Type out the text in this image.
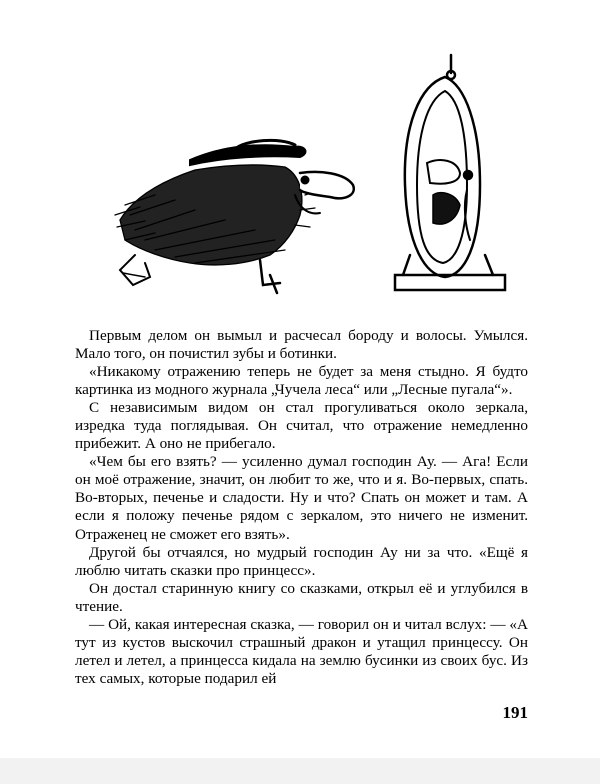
Первым делом он вымыл и расчесал бороду и волосы. Умылся. Мало того, он почистил зубы и ботинки.

«Никакому отражению теперь не будет за меня стыдно. Я будто картинка из модного журнала „Чучела леса“ или „Лесные пугала“».

С независимым видом он стал прогуливаться около зеркала, изредка туда поглядывая. Он считал, что отражение немедленно прибежит. А оно не прибегало.

«Чем бы его взять? — усиленно думал господин Ау. — Ага! Если он моё отражение, значит, он любит то же, что и я. Во-первых, спать. Во-вторых, печенье и сладости. Ну и что? Спать он может и там. А если я положу печенье рядом с зеркалом, это ничего не изменит. Отраженец не сможет его взять».

Другой бы отчаялся, но мудрый господин Ау ни за что. «Ещё я люблю читать сказки про принцесс».

Он достал старинную книгу со сказками, открыл её и углубился в чтение.

— Ой, какая интересная сказка, — говорил он и читал вслух: — «А тут из кустов выскочил страшный дракон и утащил принцессу. Он летел и летел, а принцесса кидала на землю бусинки из своих бус. Из тех самых, которые подарил ей

191
